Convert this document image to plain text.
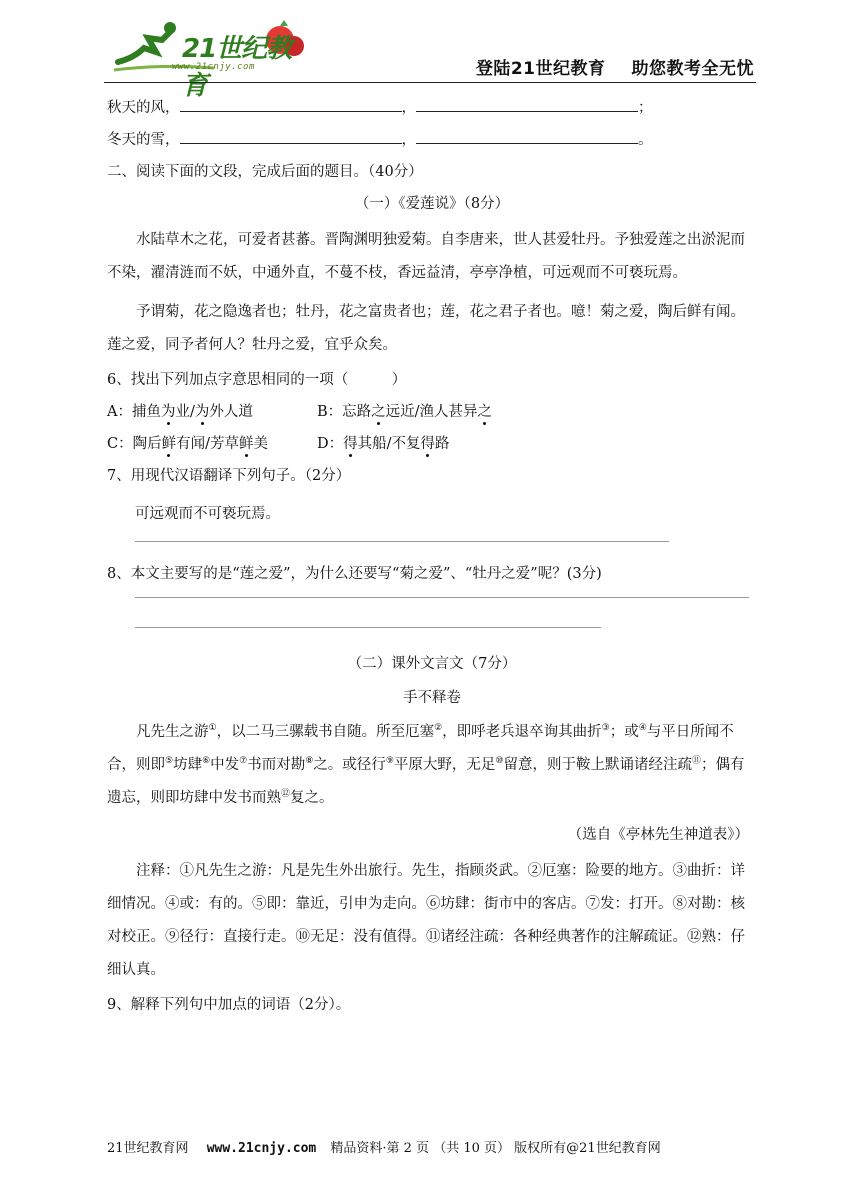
21世纪教育
www.21cnjy.com	登陆21世纪教育 助您教考全无忧
秋天的风，	，	；
冬天的雪，	，	。
二、阅读下面的文段，完成后面的题目。（40分）
（一）《爱莲说》（8分）

水陆草木之花，可爱者甚蕃。晋陶渊明独爱菊。自李唐来，世人甚爱牡丹。予独爱莲之出淤泥而不染，濯清涟而不妖，中通外直，不蔓不枝，香远益清，亭亭净植，可远观而不可亵玩焉。

予谓菊，花之隐逸者也；牡丹，花之富贵者也；莲，花之君子者也。噫！菊之爱，陶后鲜有闻。莲之爱，同予者何人？牡丹之爱，宜乎众矣。

6、找出下列加点字意思相同的一项（　　　）
A：捕鱼为业/为外人道	B：忘路之远近/渔人甚异之
C：陶后鲜有闻/芳草鲜美	D：得其船/不复得路
7、用现代汉语翻译下列句子。（2分）
可远观而不可亵玩焉。
8、本文主要写的是“莲之爱”，为什么还要写“菊之爱”、“牡丹之爱”呢？(3分)
（二）课外文言文（7分）
手不释卷

凡先生之游①，以二马三骡载书自随。所至厄塞②，即呼老兵退卒询其曲折③；或④与平日所闻不合，则即⑤坊肆⑥中发⑦书而对勘⑧之。或径行⑨平原大野，无足⑩留意，则于鞍上默诵诸经注疏⑪；偶有遗忘，则即坊肆中发书而熟⑫复之。

（选自《亭林先生神道表》）

注释：①凡先生之游：凡是先生外出旅行。先生，指顾炎武。②厄塞：险要的地方。③曲折：详细情况。④或：有的。⑤即：靠近，引申为走向。⑥坊肆：街市中的客店。⑦发：打开。⑧对勘：核对校正。⑨径行：直接行走。⑩无足：没有值得。⑪诸经注疏：各种经典著作的注解疏证。⑫熟：仔细认真。

9、解释下列句中加点的词语（2分）。
21世纪教育网 www.21cnjy.com 精品资料·第 2 页 （共 10 页） 版权所有@21世纪教育网
